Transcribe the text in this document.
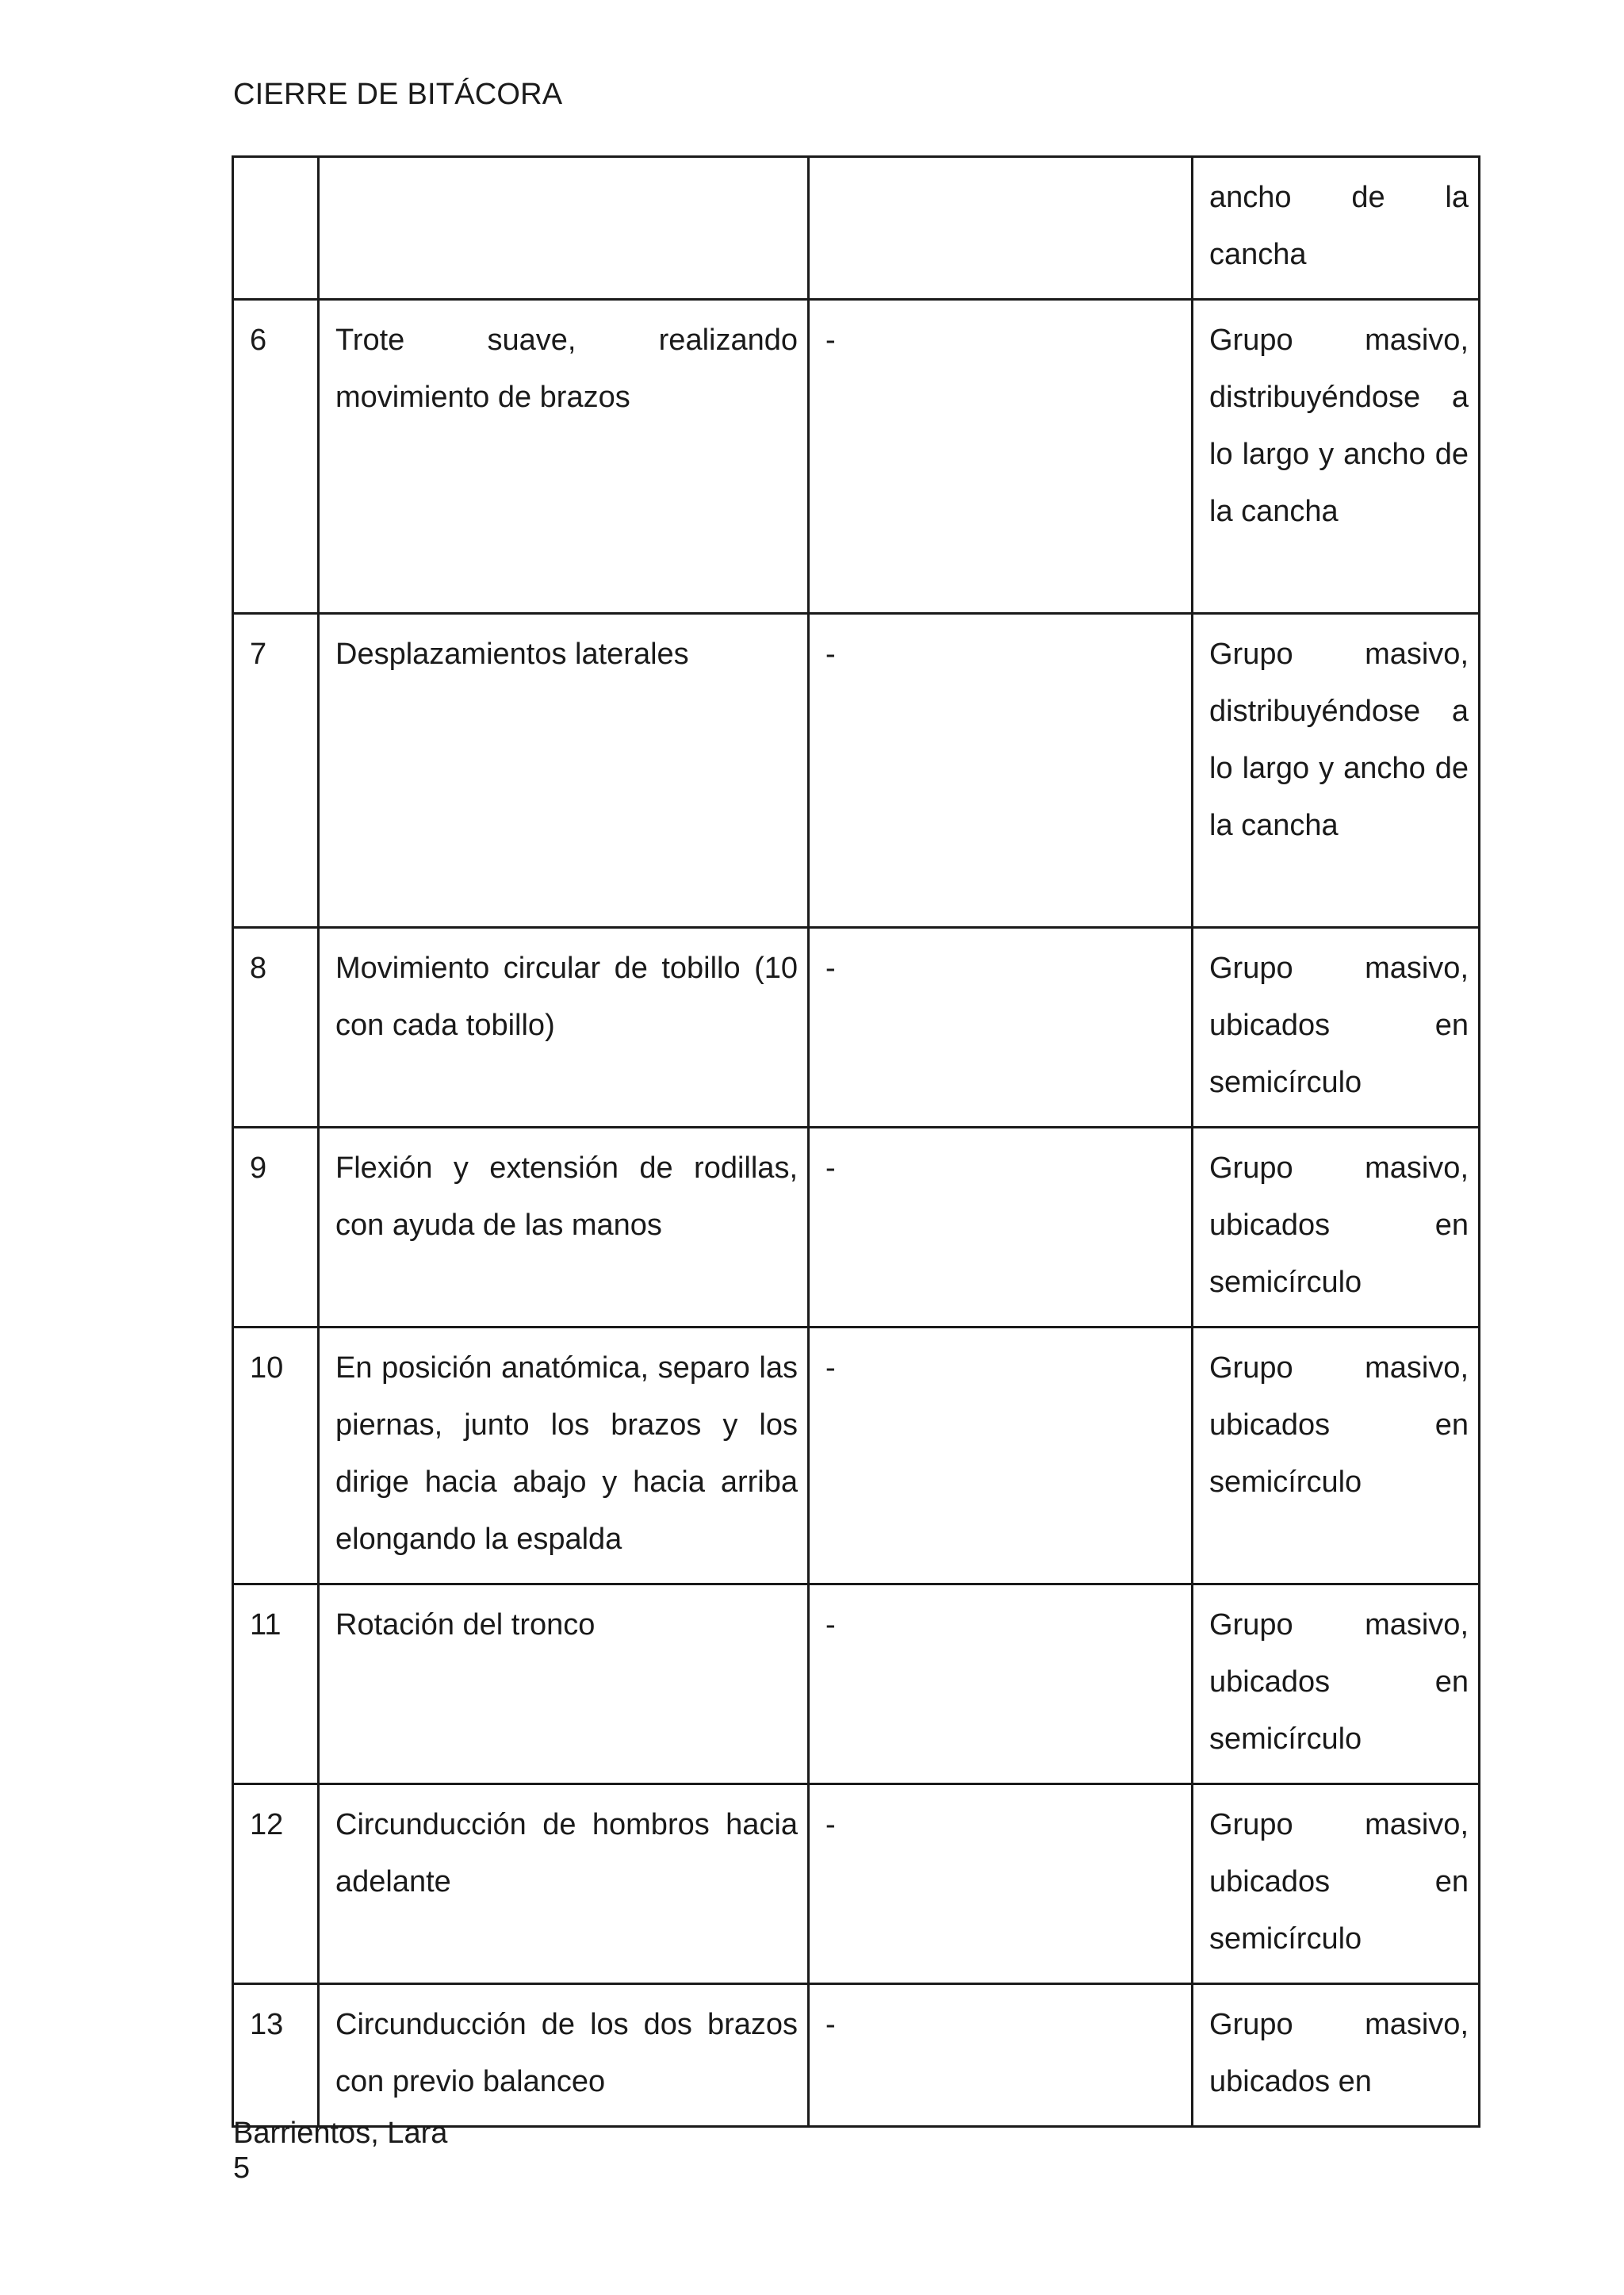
CIERRE DE BITÁCORA
			ancho de la cancha
6	Trote suave, realizando movimiento de brazos	-	Grupo masivo, distribuyéndose a lo largo y ancho de la cancha
7	Desplazamientos laterales	-	Grupo masivo, distribuyéndose a lo largo y ancho de la cancha
8	Movimiento circular de tobillo (10 con cada tobillo)	-	Grupo masivo, ubicados en semicírculo
9	Flexión y extensión de rodillas, con ayuda de las manos	-	Grupo masivo, ubicados en semicírculo
10	En posición anatómica, separo las piernas, junto los brazos y los dirige hacia abajo y hacia arriba elongando la espalda	-	Grupo masivo, ubicados en semicírculo
11	Rotación del tronco	-	Grupo masivo, ubicados en semicírculo
12	Circunducción de hombros hacia adelante	-	Grupo masivo, ubicados en semicírculo
13	Circunducción de los dos brazos con previo balanceo	-	Grupo masivo, ubicados en
Barrientos, Lara
5
